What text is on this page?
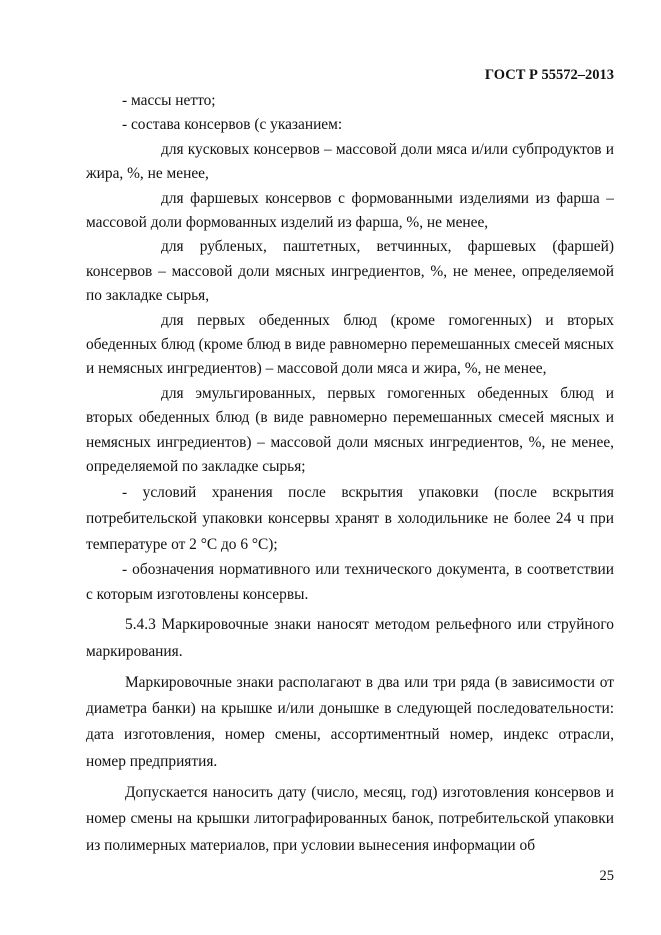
ГОСТ Р 55572–2013

- массы нетто;

- состава консервов (с указанием:

для кусковых консервов – массовой доли мяса и/или субпродуктов и жира, %, не менее,

для фаршевых консервов с формованными изделиями из фарша – массовой доли формованных изделий из фарша, %, не менее,

для рубленых, паштетных, ветчинных, фаршевых (фаршей) консервов – массовой доли мясных ингредиентов, %, не менее, определяемой по закладке сырья,

для первых обеденных блюд (кроме гомогенных) и вторых обеденных блюд (кроме блюд в виде равномерно перемешанных смесей мясных и немясных ингредиентов) – массовой доли мяса и жира, %, не менее,

для эмульгированных, первых гомогенных обеденных блюд и вторых обеденных блюд (в виде равномерно перемешанных смесей мясных и немясных ингредиентов) – массовой доли мясных ингредиентов, %, не менее, определяемой по закладке сырья;

- условий хранения после вскрытия упаковки (после вскрытия потребительской упаковки консервы хранят в холодильнике не более 24 ч при температуре от 2 °С до 6 °С);

- обозначения нормативного или технического документа, в соответствии с которым изготовлены консервы.

5.4.3 Маркировочные знаки наносят методом рельефного или струйного маркирования.

Маркировочные знаки располагают в два или три ряда (в зависимости от диаметра банки) на крышке и/или донышке в следующей последовательности: дата изготовления, номер смены, ассортиментный номер, индекс отрасли, номер предприятия.

Допускается наносить дату (число, месяц, год) изготовления консервов и номер смены на крышки литографированных банок, потребительской упаковки из полимерных материалов, при условии вынесения информации об

25
